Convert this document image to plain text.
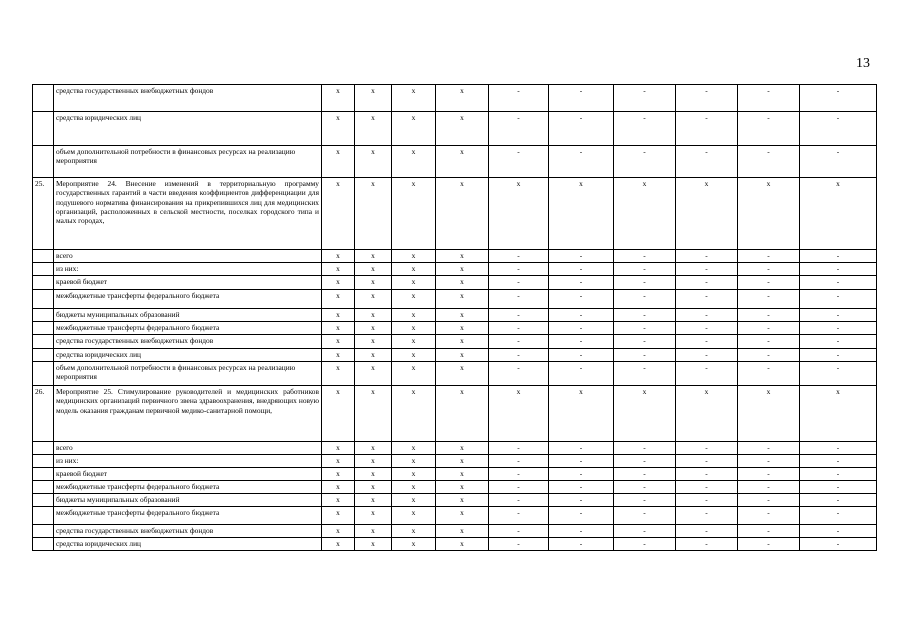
13
	средства государственных внебюджетных фондов	х	х	х	х	-	-	-	-	-	-
	средства юридических лиц	х	х	х	х	-	-	-	-	-	-
	объем дополнительной потребности в финансовых ресурсах на реализацию мероприятия	х	х	х	х	-	-	-	-	-	-
25.	Мероприятие 24. Внесение изменений в территориальную программу государственных гарантий в части введения коэффициентов дифференциации для подушевого норматива финансирования на прикрепившихся лиц для медицинских организаций, расположенных в сельской местности, поселках городского типа и малых городах,	х	х	х	х	х	х	х	х	х	х
	всего	х	х	х	х	-	-	-	-	-	-
	из них:	х	х	х	х	-	-	-	-	-	-
	краевой бюджет	х	х	х	х	-	-	-	-	-	-
	межбюджетные трансферты федерального бюджета	х	х	х	х	-	-	-	-	-	-
	бюджеты муниципальных образований	х	х	х	х	-	-	-	-	-	-
	межбюджетные трансферты федерального бюджета	х	х	х	х	-	-	-	-	-	-
	средства государственных внебюджетных фондов	х	х	х	х	-	-	-	-	-	-
	средства юридических лиц	х	х	х	х	-	-	-	-	-	-
	объем дополнительной потребности в финансовых ресурсах на реализацию мероприятия	х	х	х	х	-	-	-	-	-	-
26.	Мероприятие 25. Стимулирование руководителей и медицинских работников медицинских организаций первичного звена здравоохранения, внедряющих новую модель оказания гражданам первичной медико-санитарной помощи,	х	х	х	х	х	х	х	х	х	х
	всего	х	х	х	х	-	-	-	-	-	-
	из них:	х	х	х	х	-	-	-	-	-	-
	краевой бюджет	х	х	х	х	-	-	-	-	-	-
	межбюджетные трансферты федерального бюджета	х	х	х	х	-	-	-	-	-	-
	бюджеты муниципальных образований	х	х	х	х	-	-	-	-	-	-
	межбюджетные трансферты федерального бюджета	х	х	х	х	-	-	-	-	-	-
	средства государственных внебюджетных фондов	х	х	х	х	-	-	-	-	-	-
	средства юридических лиц	х	х	х	х	-	-	-	-	-	-
